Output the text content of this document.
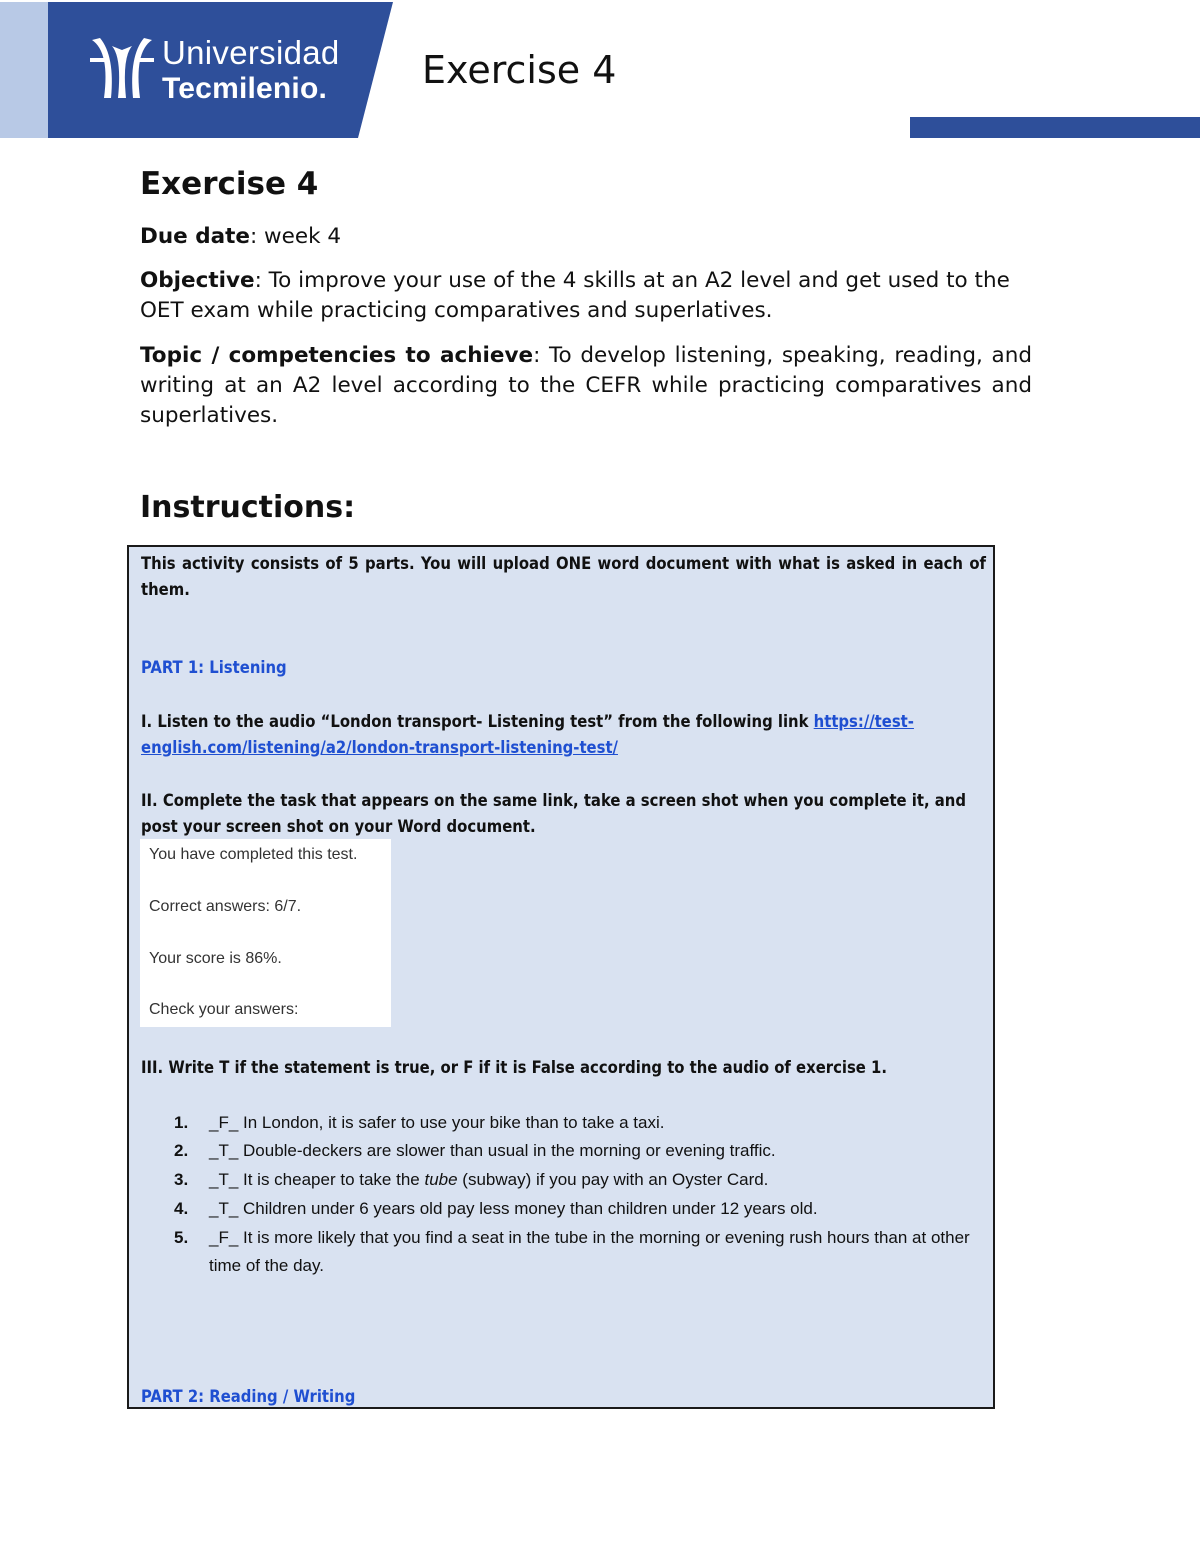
Universidad
Tecmilenio. Exercise 4
Exercise 4
Due date: week 4
Objective: To improve your use of the 4 skills at an A2 level and get used to the OET exam while practicing comparatives and superlatives.
Topic / competencies to achieve: To develop listening, speaking, reading, and writing at an A2 level according to the CEFR while practicing comparatives and superlatives.
Instructions:
This activity consists of 5 parts. You will upload ONE word document with what is asked in each of them.
PART 1: Listening
I. Listen to the audio “London transport- Listening test” from the following link https://test-english.com/listening/a2/london-transport-listening-test/
II. Complete the task that appears on the same link, take a screen shot when you complete it, and post your screen shot on your Word document.
You have completed this test.
Correct answers: 6/7.
Your score is 86%.
Check your answers:
III. Write T if the statement is true, or F if it is False according to the audio of exercise 1.
1.	_F_ In London, it is safer to use your bike than to take a taxi.
2.	_T_ Double-deckers are slower than usual in the morning or evening traffic.
3.	_T_ It is cheaper to take the tube (subway) if you pay with an Oyster Card.
4.	_T_ Children under 6 years old pay less money than children under 12 years old.
5.	_F_ It is more likely that you find a seat in the tube in the morning or evening rush hours than at other time of the day.
PART 2: Reading / Writing
